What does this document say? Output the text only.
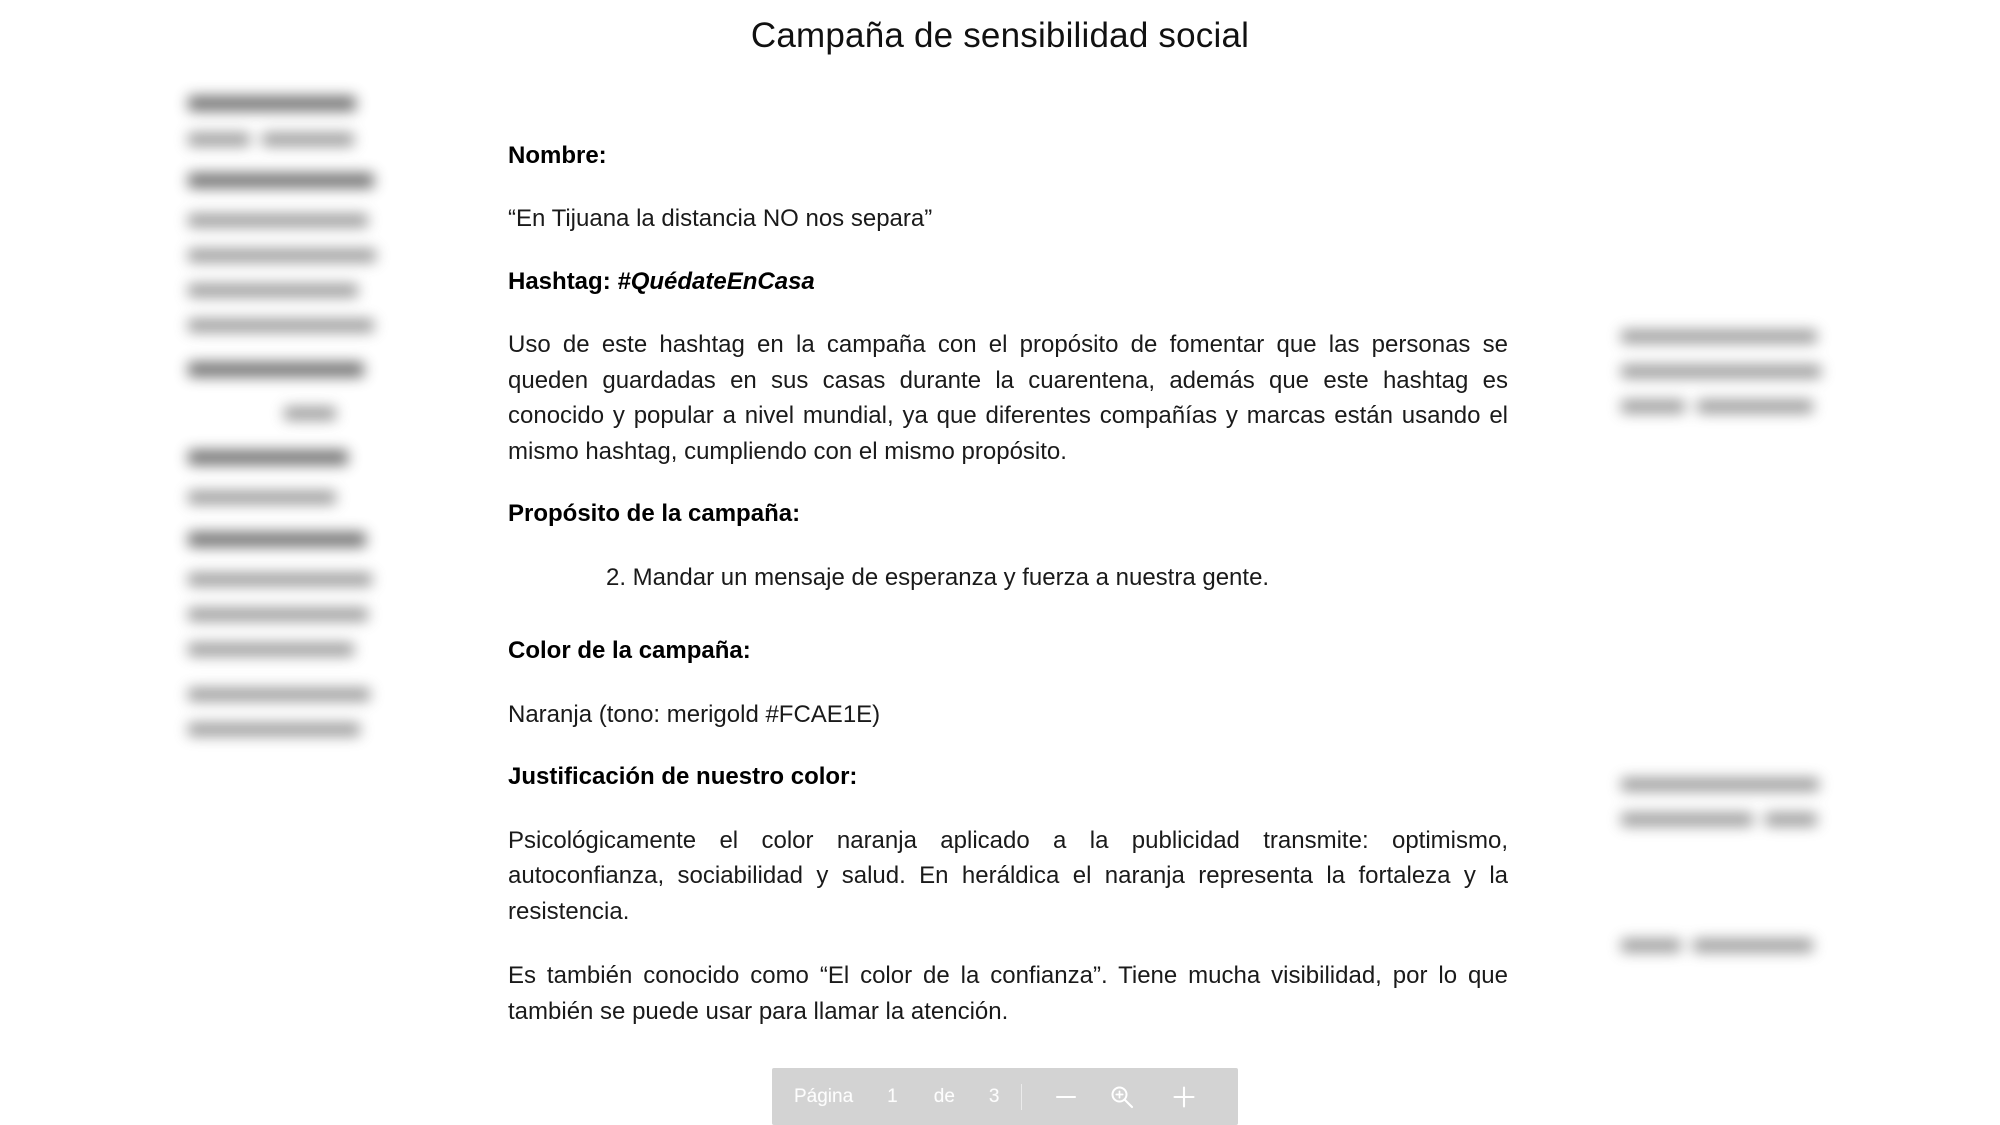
Campaña de sensibilidad social

Nombre:

“En Tijuana la distancia NO nos separa”

Hashtag: #QuédateEnCasa

Uso de este hashtag en la campaña con el propósito de fomentar que las personas se queden guardadas en sus casas durante la cuarentena, además que este hashtag es conocido y popular a nivel mundial, ya que diferentes compañías y marcas están usando el mismo hashtag, cumpliendo con el mismo propósito.

Propósito de la campaña:

2. Mandar un mensaje de esperanza y fuerza a nuestra gente.

Color de la campaña:

Naranja (tono: merigold #FCAE1E)

Justificación de nuestro color:

Psicológicamente el color naranja aplicado a la publicidad transmite: optimismo, autoconfianza, sociabilidad y salud. En heráldica el naranja representa la fortaleza y la resistencia.

Es también conocido como “El color de la confianza”. Tiene mucha visibilidad, por lo que también se puede usar para llamar la atención.

Página 1 de 3
